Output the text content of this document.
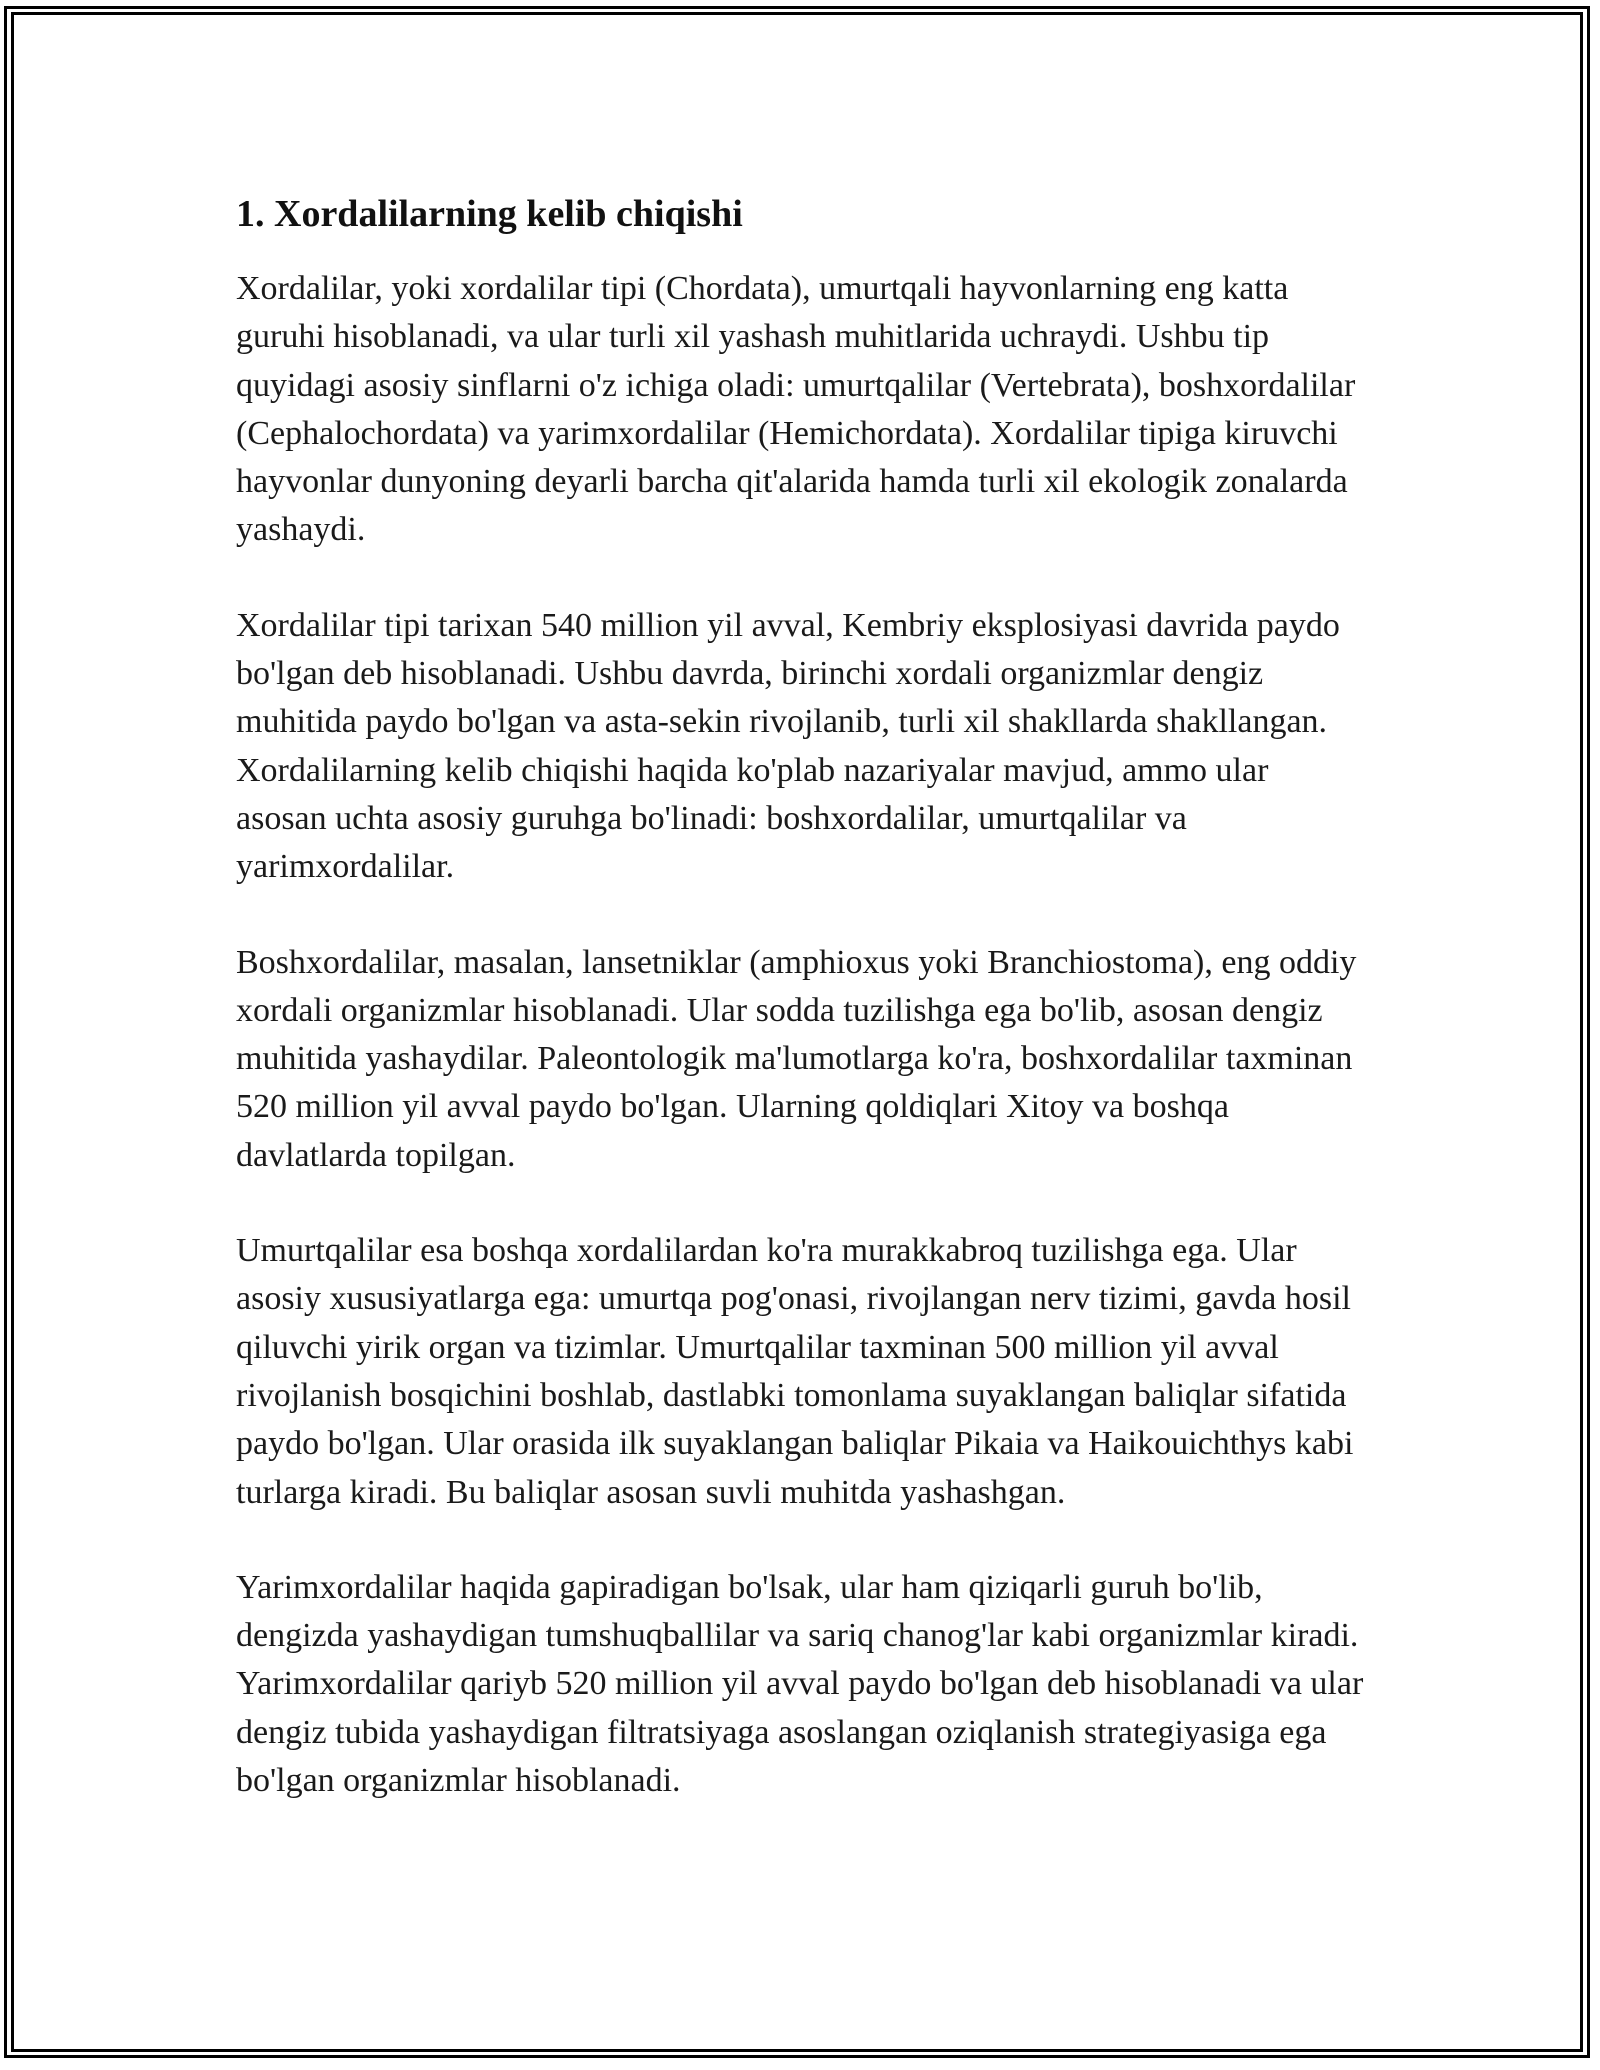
1. Xordalilarning kelib chiqishi

Xordalilar, yoki xordalilar tipi (Chordata), umurtqali hayvonlarning eng katta guruhi hisoblanadi, va ular turli xil yashash muhitlarida uchraydi. Ushbu tip quyidagi asosiy sinflarni o'z ichiga oladi: umurtqalilar (Vertebrata), boshxordalilar (Cephalochordata) va yarimxordalilar (Hemichordata). Xordalilar tipiga kiruvchi hayvonlar dunyoning deyarli barcha qit'alarida hamda turli xil ekologik zonalarda yashaydi.

Xordalilar tipi tarixan 540 million yil avval, Kembriy eksplosiyasi davrida paydo bo'lgan deb hisoblanadi. Ushbu davrda, birinchi xordali organizmlar dengiz muhitida paydo bo'lgan va asta-sekin rivojlanib, turli xil shakllarda shakllangan. Xordalilarning kelib chiqishi haqida ko'plab nazariyalar mavjud, ammo ular asosan uchta asosiy guruhga bo'linadi: boshxordalilar, umurtqalilar va yarimxordalilar.

Boshxordalilar, masalan, lansetniklar (amphioxus yoki Branchiostoma), eng oddiy xordali organizmlar hisoblanadi. Ular sodda tuzilishga ega bo'lib, asosan dengiz muhitida yashaydilar. Paleontologik ma'lumotlarga ko'ra, boshxordalilar taxminan 520 million yil avval paydo bo'lgan. Ularning qoldiqlari Xitoy va boshqa davlatlarda topilgan.

Umurtqalilar esa boshqa xordalilardan ko'ra murakkabroq tuzilishga ega. Ular asosiy xususiyatlarga ega: umurtqa pog'onasi, rivojlangan nerv tizimi, gavda hosil qiluvchi yirik organ va tizimlar. Umurtqalilar taxminan 500 million yil avval rivojlanish bosqichini boshlab, dastlabki tomonlama suyaklangan baliqlar sifatida paydo bo'lgan. Ular orasida ilk suyaklangan baliqlar Pikaia va Haikouichthys kabi turlarga kiradi. Bu baliqlar asosan suvli muhitda yashashgan.

Yarimxordalilar haqida gapiradigan bo'lsak, ular ham qiziqarli guruh bo'lib, dengizda yashaydigan tumshuqballilar va sariq chanog'lar kabi organizmlar kiradi. Yarimxordalilar qariyb 520 million yil avval paydo bo'lgan deb hisoblanadi va ular dengiz tubida yashaydigan filtratsiyaga asoslangan oziqlanish strategiyasiga ega bo'lgan organizmlar hisoblanadi.
